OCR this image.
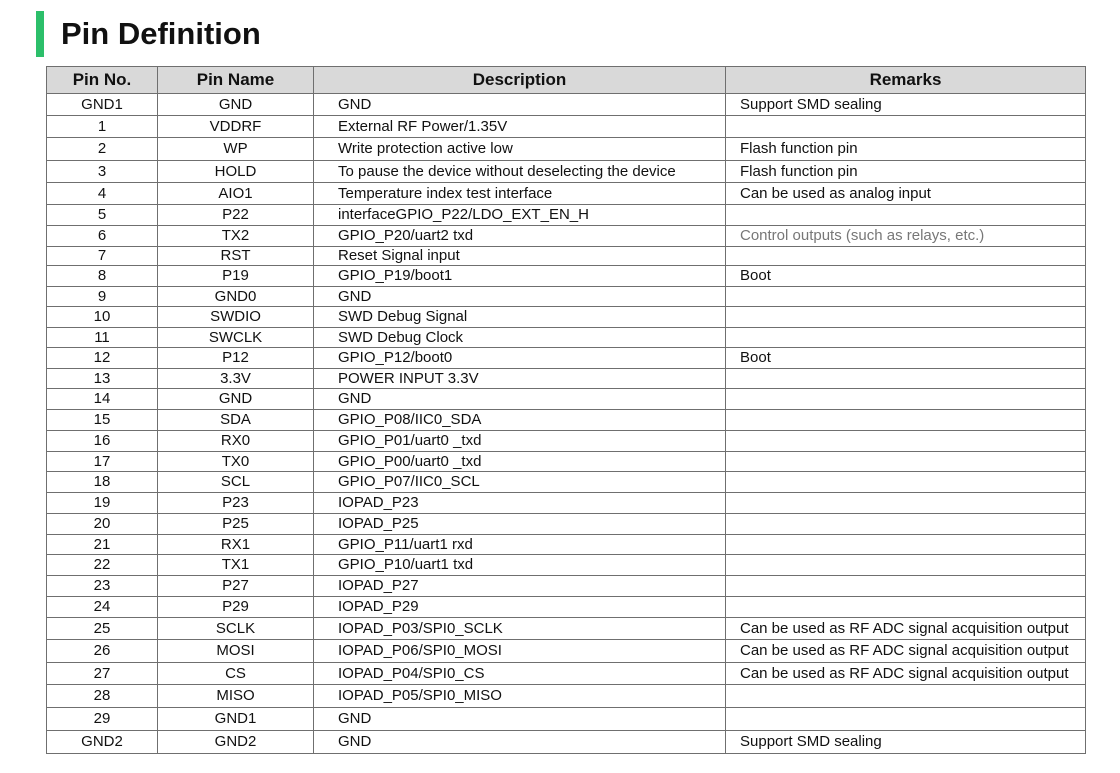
Pin Definition
Pin No.	Pin Name	Description	Remarks
GND1	GND	GND	Support SMD sealing
1	VDDRF	External RF Power/1.35V	
2	WP	Write protection active low	Flash function pin
3	HOLD	To pause the device without deselecting the device	Flash function pin
4	AIO1	Temperature index test interface	Can be used as analog input
5	P22	interfaceGPIO_P22/LDO_EXT_EN_H	
6	TX2	GPIO_P20/uart2 txd	Control outputs (such as relays, etc.)
7	RST	Reset Signal input	
8	P19	GPIO_P19/boot1	Boot
9	GND0	GND	
10	SWDIO	SWD Debug Signal	
11	SWCLK	SWD Debug Clock	
12	P12	GPIO_P12/boot0	Boot
13	3.3V	POWER INPUT 3.3V	
14	GND	GND	
15	SDA	GPIO_P08/IIC0_SDA	
16	RX0	GPIO_P01/uart0 _txd	
17	TX0	GPIO_P00/uart0 _txd	
18	SCL	GPIO_P07/IIC0_SCL	
19	P23	IOPAD_P23	
20	P25	IOPAD_P25	
21	RX1	GPIO_P11/uart1 rxd	
22	TX1	GPIO_P10/uart1 txd	
23	P27	IOPAD_P27	
24	P29	IOPAD_P29	
25	SCLK	IOPAD_P03/SPI0_SCLK	Can be used as RF ADC signal acquisition output
26	MOSI	IOPAD_P06/SPI0_MOSI	Can be used as RF ADC signal acquisition output
27	CS	IOPAD_P04/SPI0_CS	Can be used as RF ADC signal acquisition output
28	MISO	IOPAD_P05/SPI0_MISO	
29	GND1	GND	
GND2	GND2	GND	Support SMD sealing
